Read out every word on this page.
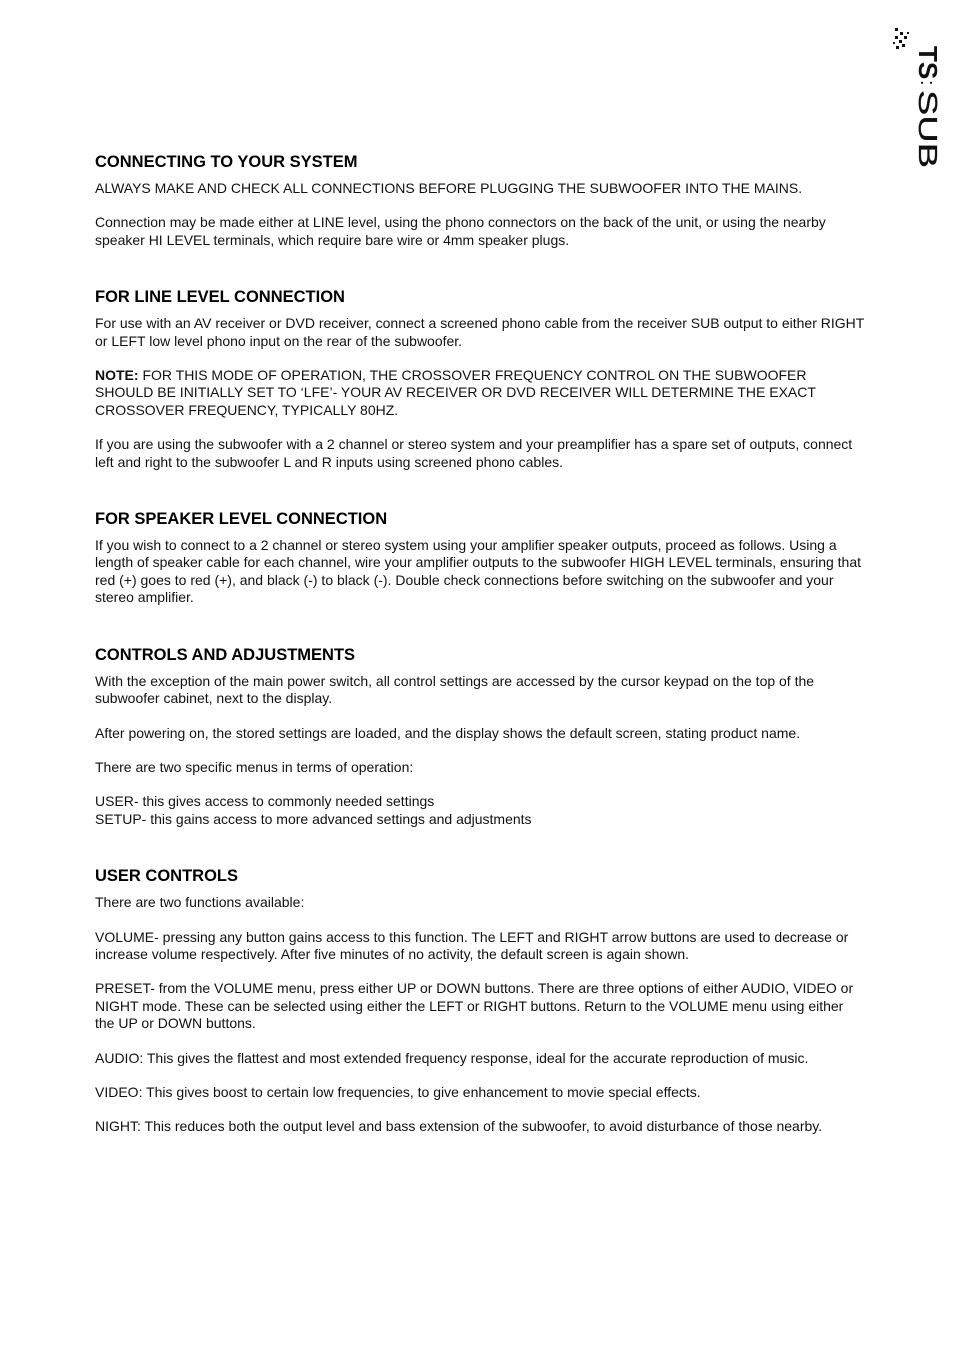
TS
:
SUB
CONNECTING TO YOUR SYSTEM

ALWAYS MAKE AND CHECK ALL CONNECTIONS BEFORE PLUGGING THE SUBWOOFER INTO THE MAINS.

Connection may be made either at LINE level, using the phono connectors on the back of the unit, or using the nearby speaker HI LEVEL terminals, which require bare wire or 4mm speaker plugs.

FOR LINE LEVEL CONNECTION

For use with an AV receiver or DVD receiver, connect a screened phono cable from the receiver SUB output to either RIGHT or LEFT low level phono input on the rear of the subwoofer.

NOTE: FOR THIS MODE OF OPERATION, THE CROSSOVER FREQUENCY CONTROL ON THE SUBWOOFER SHOULD BE INITIALLY SET TO ‘LFE’- YOUR AV RECEIVER OR DVD RECEIVER WILL DETERMINE THE EXACT CROSSOVER FREQUENCY, TYPICALLY 80HZ.

If you are using the subwoofer with a 2 channel or stereo system and your preamplifier has a spare set of outputs, connect left and right to the subwoofer L and R inputs using screened phono cables.

FOR SPEAKER LEVEL CONNECTION

If you wish to connect to a 2 channel or stereo system using your amplifier speaker outputs, proceed as follows. Using a length of speaker cable for each channel, wire your amplifier outputs to the subwoofer HIGH LEVEL terminals, ensuring that red (+) goes to red (+), and black (-) to black (-). Double check connections before switching on the subwoofer and your stereo amplifier.

CONTROLS AND ADJUSTMENTS

With the exception of the main power switch, all control settings are accessed by the cursor keypad on the top of the subwoofer cabinet, next to the display.

After powering on, the stored settings are loaded, and the display shows the default screen, stating product name.

There are two specific menus in terms of operation:

USER- this gives access to commonly needed settings

SETUP- this gains access to more advanced settings and adjustments

USER CONTROLS

There are two functions available:

VOLUME- pressing any button gains access to this function. The LEFT and RIGHT arrow buttons are used to decrease or increase volume respectively. After five minutes of no activity, the default screen is again shown.

PRESET- from the VOLUME menu, press either UP or DOWN buttons. There are three options of either AUDIO, VIDEO or NIGHT mode. These can be selected using either the LEFT or RIGHT buttons. Return to the VOLUME menu using either the UP or DOWN buttons.

AUDIO: This gives the flattest and most extended frequency response, ideal for the accurate reproduction of music.

VIDEO: This gives boost to certain low frequencies, to give enhancement to movie special effects.

NIGHT: This reduces both the output level and bass extension of the subwoofer, to avoid disturbance of those nearby.
